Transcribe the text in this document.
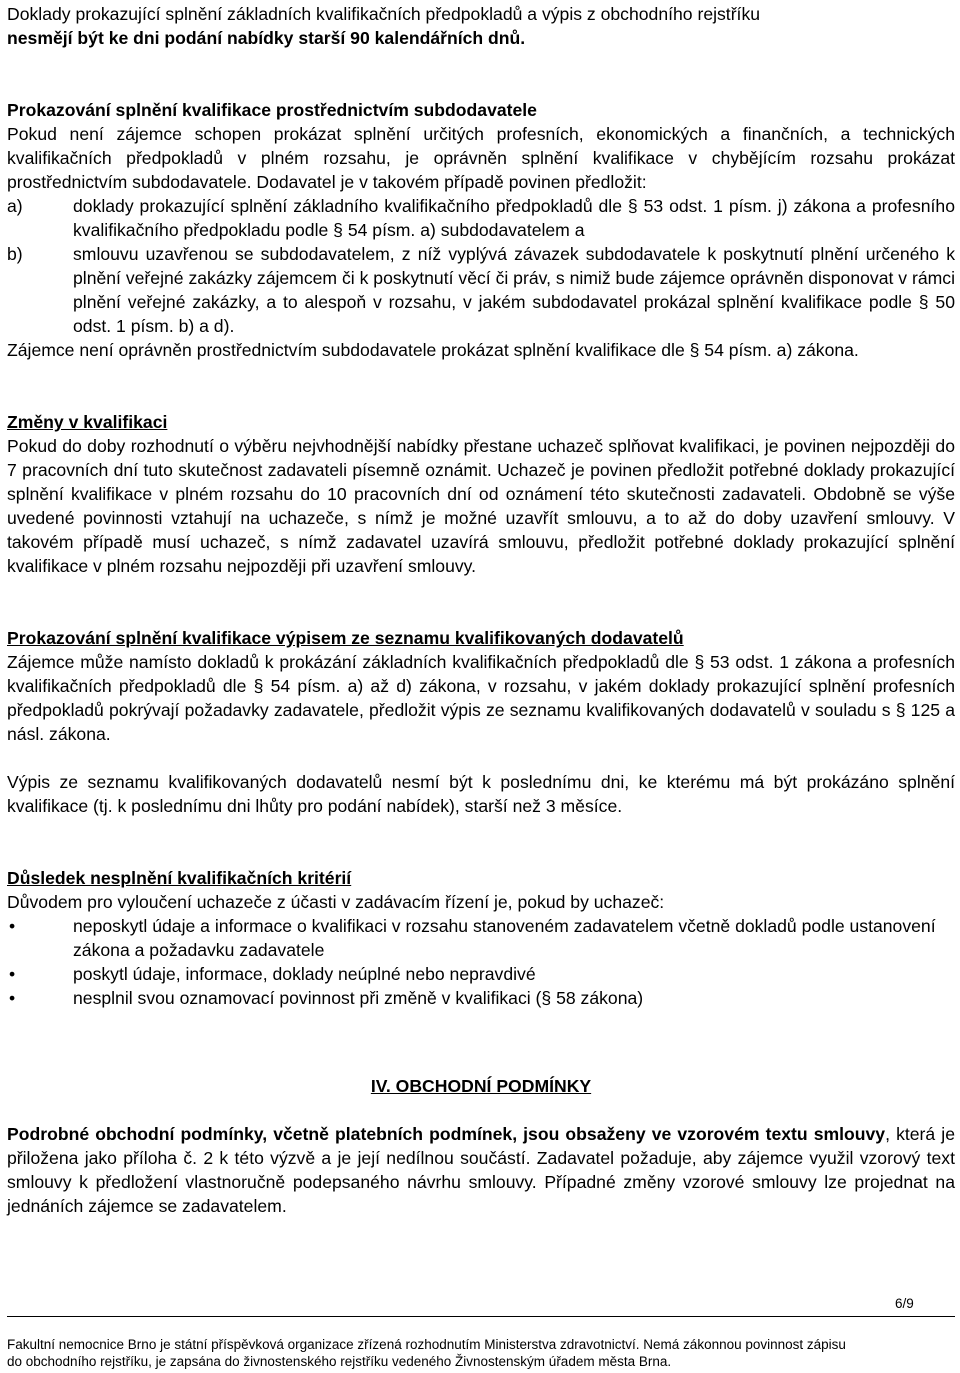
Doklady prokazující splnění základních kvalifikačních předpokladů a výpis z obchodního rejstříku

nesmějí být ke dni podání nabídky starší 90 kalendářních dnů.

Prokazování splnění kvalifikace prostřednictvím subdodavatele

Pokud není zájemce schopen prokázat splnění určitých profesních, ekonomických a finančních, a technických kvalifikačních předpokladů v plném rozsahu, je oprávněn splnění kvalifikace v chybějícím rozsahu prokázat prostřednictvím subdodavatele. Dodavatel je v takovém případě povinen předložit:

a)	doklady prokazující splnění základního kvalifikačního předpokladů dle § 53 odst. 1 písm. j) zákona a profesního kvalifikačního předpokladu podle § 54 písm. a) subdodavatelem a
b)	smlouvu uzavřenou se subdodavatelem, z níž vyplývá závazek subdodavatele k poskytnutí plnění určeného k plnění veřejné zakázky zájemcem či k poskytnutí věcí či práv, s nimiž bude zájemce oprávněn disponovat v rámci plnění veřejné zakázky, a to alespoň v rozsahu, v jakém subdodavatel prokázal splnění kvalifikace podle § 50 odst. 1 písm. b) a d).

Zájemce není oprávněn prostřednictvím subdodavatele prokázat splnění kvalifikace dle § 54 písm. a) zákona.

Změny v kvalifikaci

Pokud do doby rozhodnutí o výběru nejvhodnější nabídky přestane uchazeč splňovat kvalifikaci, je povinen nejpozději do 7 pracovních dní tuto skutečnost zadavateli písemně oznámit. Uchazeč je povinen předložit potřebné doklady prokazující splnění kvalifikace v plném rozsahu do 10 pracovních dní od oznámení této skutečnosti zadavateli. Obdobně se výše uvedené povinnosti vztahují na uchazeče, s nímž je možné uzavřít smlouvu, a to až do doby uzavření smlouvy. V takovém případě musí uchazeč, s nímž zadavatel uzavírá smlouvu, předložit potřebné doklady prokazující splnění kvalifikace v plném rozsahu nejpozději při uzavření smlouvy.

Prokazování splnění kvalifikace výpisem ze seznamu kvalifikovaných dodavatelů

Zájemce může namísto dokladů k prokázání základních kvalifikačních předpokladů dle § 53 odst. 1 zákona a profesních kvalifikačních předpokladů dle § 54 písm. a) až d) zákona, v rozsahu, v jakém doklady prokazující splnění profesních předpokladů pokrývají požadavky zadavatele, předložit výpis ze seznamu kvalifikovaných dodavatelů v souladu s § 125 a násl. zákona.

Výpis ze seznamu kvalifikovaných dodavatelů nesmí být k poslednímu dni, ke kterému má být prokázáno splnění kvalifikace (tj. k poslednímu dni lhůty pro podání nabídek), starší než 3 měsíce.

Důsledek nesplnění kvalifikačních kritérií

Důvodem pro vyloučení uchazeče z účasti v zadávacím řízení je, pokud by uchazeč:

•
neposkytl údaje a informace o kvalifikaci v rozsahu stanoveném zadavatelem včetně dokladů podle ustanovení zákona a požadavku zadavatele
•
poskytl údaje, informace, doklady neúplné nebo nepravdivé
•
nesplnil svou oznamovací povinnost při změně v kvalifikaci (§ 58 zákona)

IV. OBCHODNÍ PODMÍNKY

Podrobné obchodní podmínky, včetně platebních podmínek, jsou obsaženy ve vzorovém textu smlouvy, která je přiložena jako příloha č. 2 k této výzvě a je její nedílnou součástí. Zadavatel požaduje, aby zájemce využil vzorový text smlouvy k předložení vlastnoručně podepsaného návrhu smlouvy. Případné změny vzorové smlouvy lze projednat na jednáních zájemce se zadavatelem.

6/9
Fakultní nemocnice Brno je státní příspěvková organizace zřízená rozhodnutím Ministerstva zdravotnictví. Nemá zákonnou povinnost zápisu
do obchodního rejstříku, je zapsána do živnostenského rejstříku vedeného Živnostenským úřadem města Brna.
